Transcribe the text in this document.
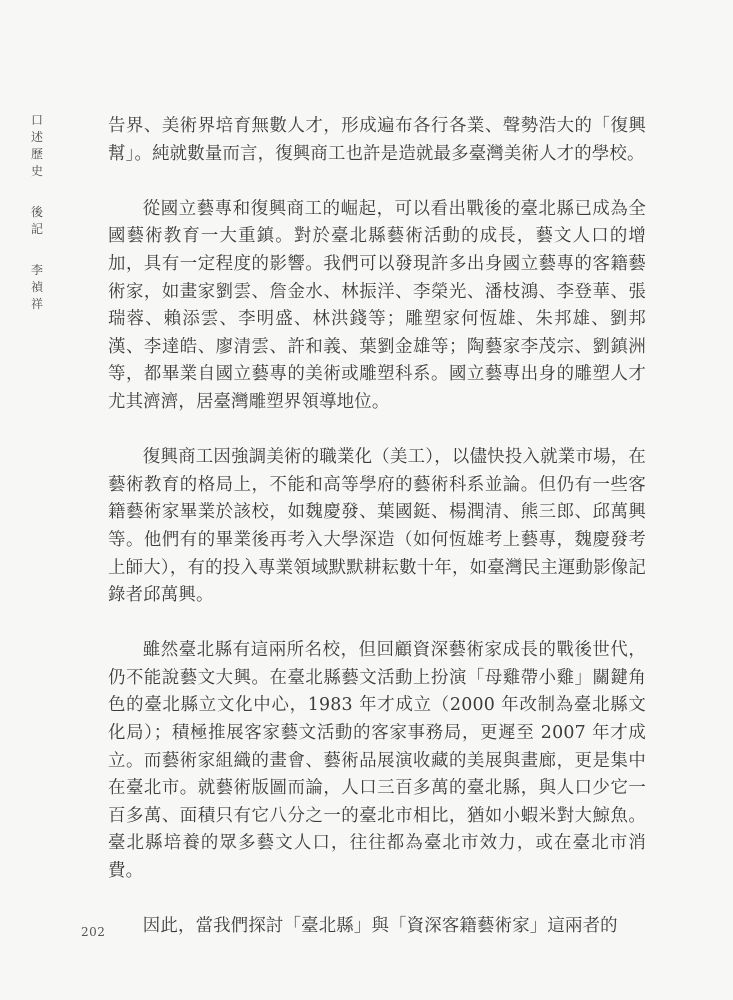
口
述
歷
史
後
記
李
禎
祥

告界、美術界培育無數人才，形成遍布各行各業、聲勢浩大的「復興幫」。純就數量而言，復興商工也許是造就最多臺灣美術人才的學校。

從國立藝專和復興商工的崛起，可以看出戰後的臺北縣已成為全國藝術教育一大重鎮。對於臺北縣藝術活動的成長，藝文人口的增加，具有一定程度的影響。我們可以發現許多出身國立藝專的客籍藝術家，如畫家劉雲、詹金水、林振洋、李榮光、潘枝鴻、李登華、張瑞蓉、賴添雲、李明盛、林洪錢等；雕塑家何恆雄、朱邦雄、劉邦漢、李達皓、廖清雲、許和義、葉劉金雄等；陶藝家李茂宗、劉鎮洲等，都畢業自國立藝專的美術或雕塑科系。國立藝專出身的雕塑人才尤其濟濟，居臺灣雕塑界領導地位。

復興商工因強調美術的職業化（美工），以儘快投入就業市場，在藝術教育的格局上，不能和高等學府的藝術科系並論。但仍有一些客籍藝術家畢業於該校，如魏慶發、葉國鋌、楊潤清、熊三郎、邱萬興等。他們有的畢業後再考入大學深造（如何恆雄考上藝專，魏慶發考上師大），有的投入專業領域默默耕耘數十年，如臺灣民主運動影像記錄者邱萬興。

雖然臺北縣有這兩所名校，但回顧資深藝術家成長的戰後世代，仍不能說藝文大興。在臺北縣藝文活動上扮演「母雞帶小雞」關鍵角色的臺北縣立文化中心，1983 年才成立（2000 年改制為臺北縣文化局）；積極推展客家藝文活動的客家事務局，更遲至 2007 年才成立。而藝術家組織的畫會、藝術品展演收藏的美展與畫廊，更是集中在臺北市。就藝術版圖而論，人口三百多萬的臺北縣，與人口少它一百多萬、面積只有它八分之一的臺北市相比，猶如小蝦米對大鯨魚。臺北縣培養的眾多藝文人口，往往都為臺北市效力，或在臺北市消費。

因此，當我們探討「臺北縣」與「資深客籍藝術家」這兩者的

202
